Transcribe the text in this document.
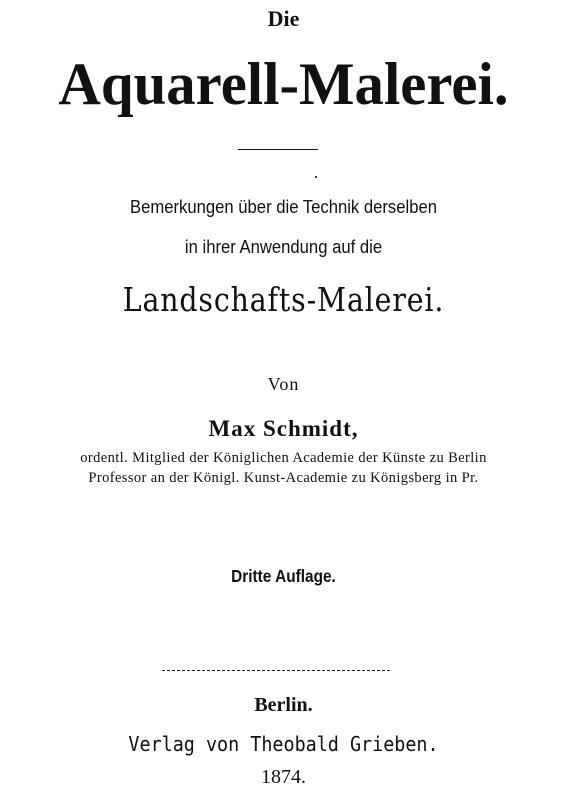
Die
Aquarell-Malerei.
Bemerkungen über die Technik derselben
in ihrer Anwendung auf die
Landschafts-Malerei.
Von
Max Schmidt,
ordentl. Mitglied der Königlichen Academie der Künste zu Berlin
Professor an der Königl. Kunst-Academie zu Königsberg in Pr.
Dritte Auflage.
Berlin.
Verlag von Theobald Grieben.
1874.
